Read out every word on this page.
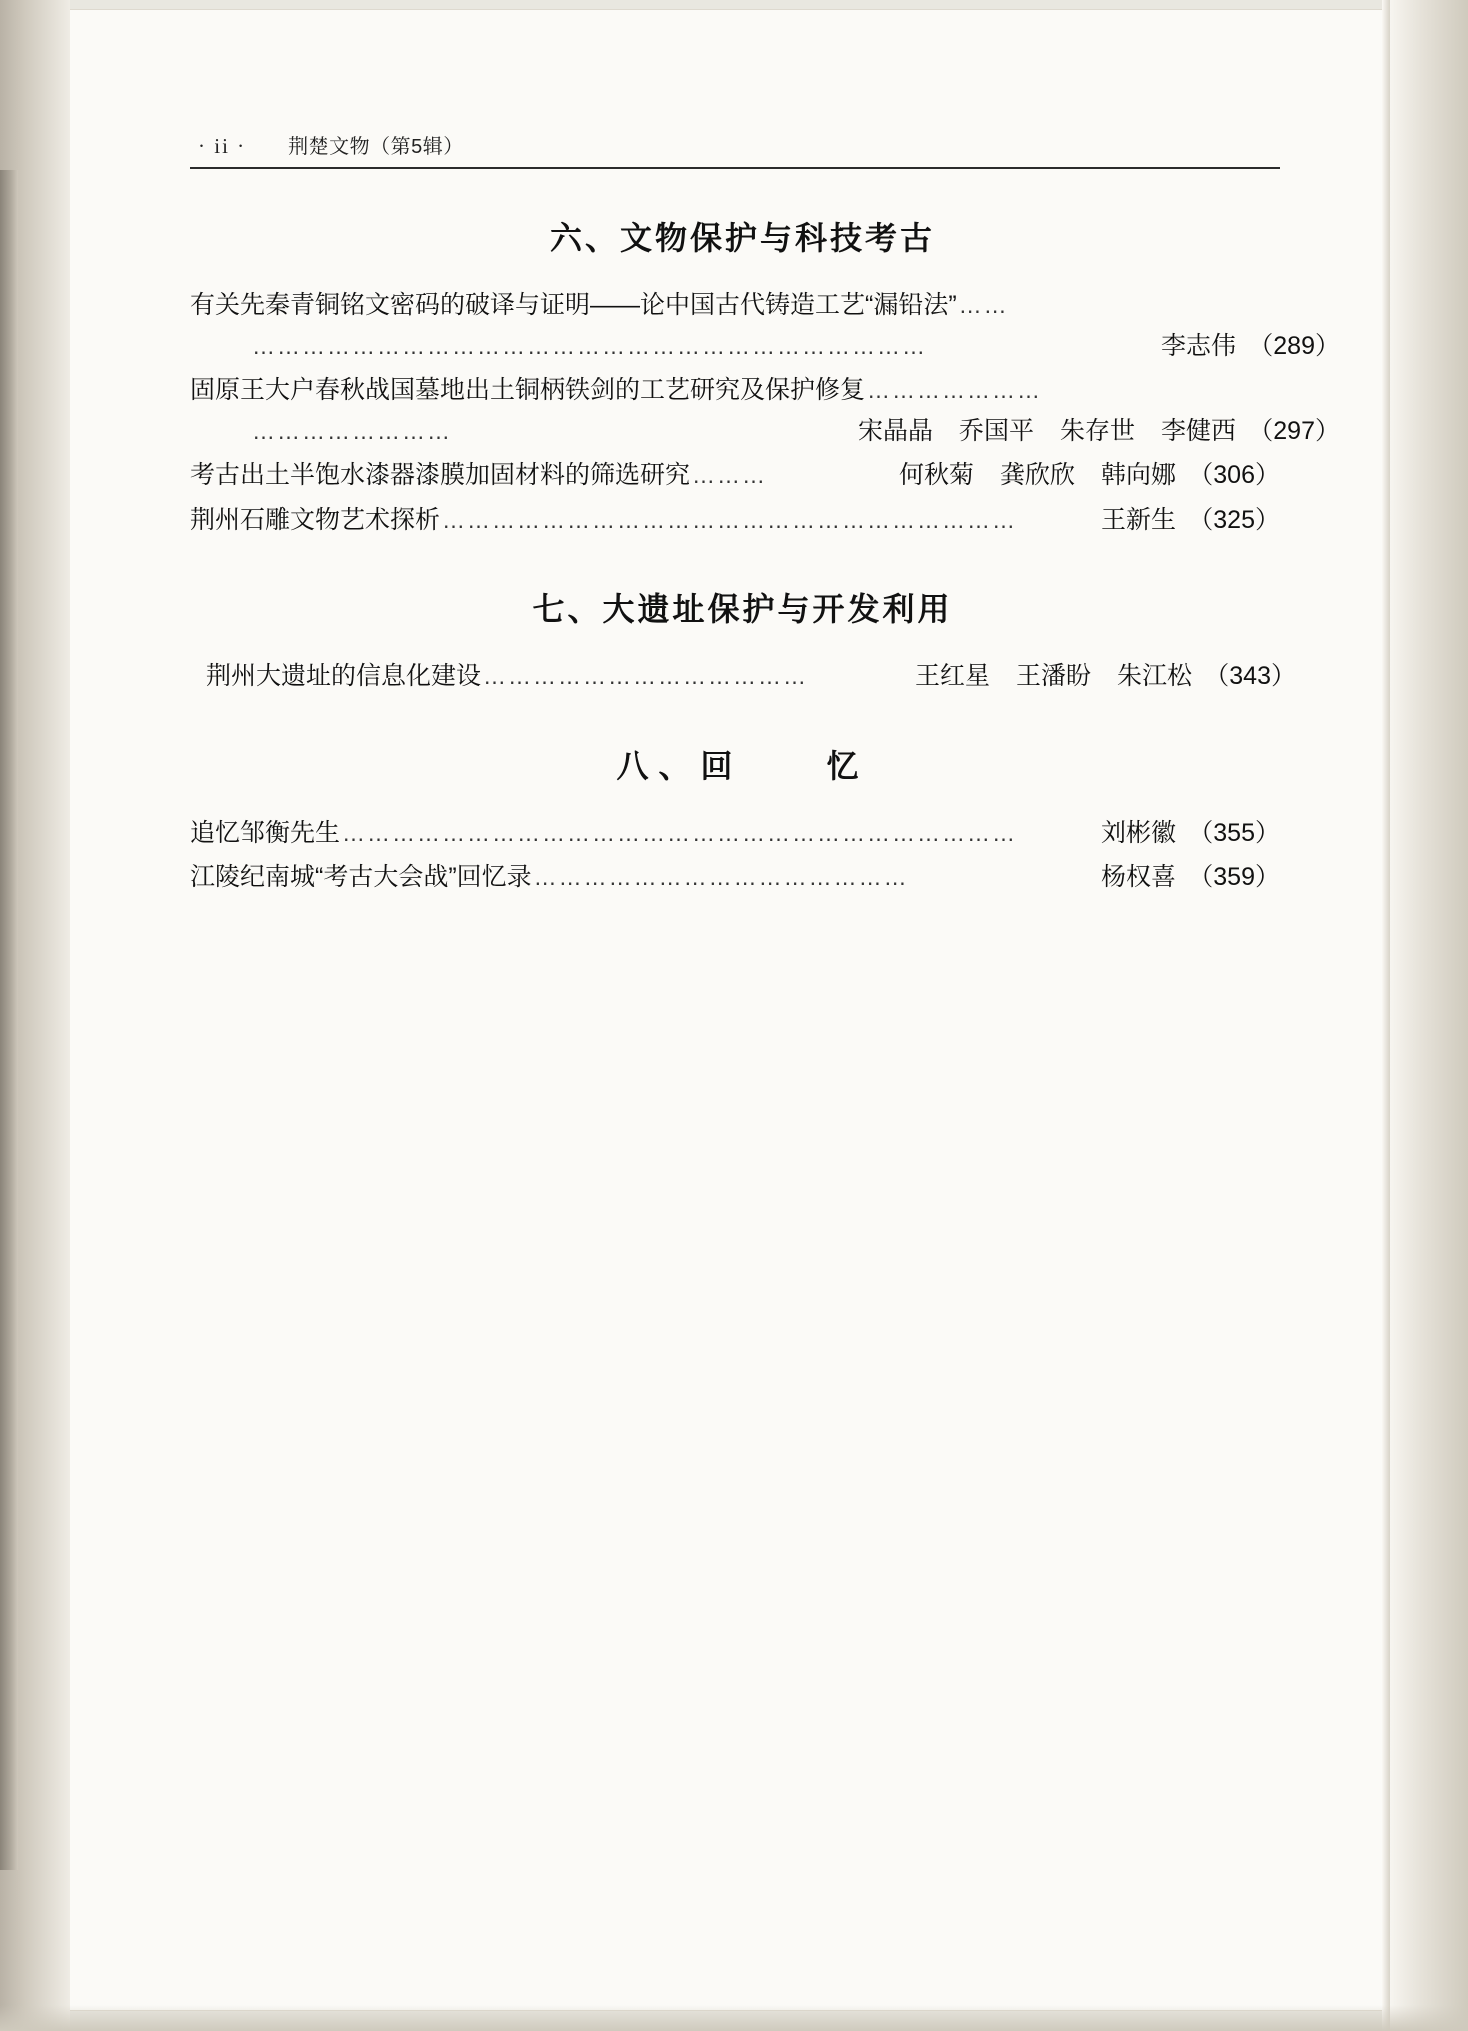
· ii · 荆楚文物（第5辑）
六、文物保护与科技考古
有关先秦青铜铭文密码的破译与证明——论中国古代铸造工艺“漏铅法” ……
………………………………………………………………………	李志伟 （289）
固原王大户春秋战国墓地出土铜柄铁剑的工艺研究及保护修复 …………………
……………………	宋晶晶 乔国平 朱存世 李健西 （297）
考古出土半饱水漆器漆膜加固材料的筛选研究 ………	何秋菊 龚欣欣 韩向娜 （306）
荆州石雕文物艺术探析 ……………………………………………………………	王新生 （325）
七、大遗址保护与开发利用
荆州大遗址的信息化建设 …………………………………	王红星 王潘盼 朱江松 （343）
八、回　　忆
追忆邹衡先生 ………………………………………………………………………	刘彬徽 （355）
江陵纪南城“考古大会战”回忆录 ………………………………………	杨权喜 （359）
